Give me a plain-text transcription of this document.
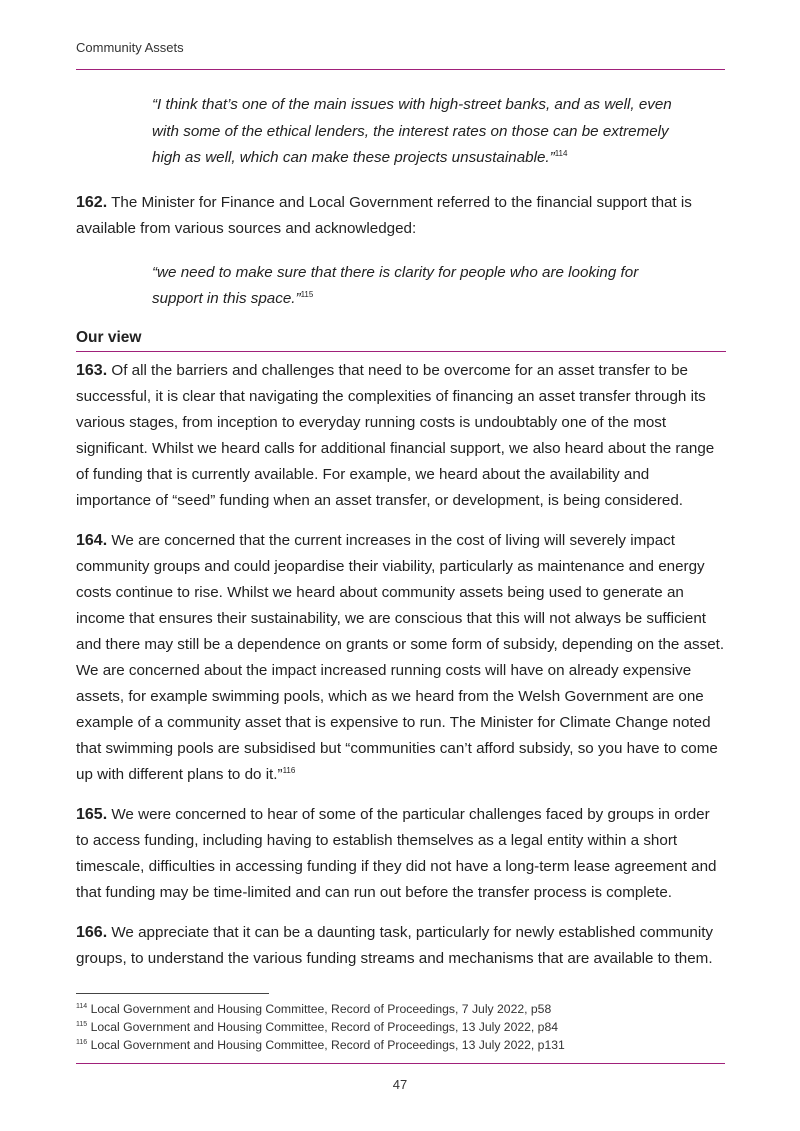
Community Assets

“I think that’s one of the main issues with high-street banks, and as well, even with some of the ethical lenders, the interest rates on those can be extremely high as well, which can make these projects unsustainable.”$^{114}$

162. The Minister for Finance and Local Government referred to the financial support that is available from various sources and acknowledged:

“we need to make sure that there is clarity for people who are looking for support in this space.”$^{115}$

Our view

163. Of all the barriers and challenges that need to be overcome for an asset transfer to be successful, it is clear that navigating the complexities of financing an asset transfer through its various stages, from inception to everyday running costs is undoubtably one of the most significant. Whilst we heard calls for additional financial support, we also heard about the range of funding that is currently available. For example, we heard about the availability and importance of “seed” funding when an asset transfer, or development, is being considered.

164. We are concerned that the current increases in the cost of living will severely impact community groups and could jeopardise their viability, particularly as maintenance and energy costs continue to rise. Whilst we heard about community assets being used to generate an income that ensures their sustainability, we are conscious that this will not always be sufficient and there may still be a dependence on grants or some form of subsidy, depending on the asset. We are concerned about the impact increased running costs will have on already expensive assets, for example swimming pools, which as we heard from the Welsh Government are one example of a community asset that is expensive to run. The Minister for Climate Change noted that swimming pools are subsidised but “communities can’t afford subsidy, so you have to come up with different plans to do it.”$^{116}$

165. We were concerned to hear of some of the particular challenges faced by groups in order to access funding, including having to establish themselves as a legal entity within a short timescale, difficulties in accessing funding if they did not have a long-term lease agreement and that funding may be time-limited and can run out before the transfer process is complete.

166. We appreciate that it can be a daunting task, particularly for newly established community groups, to understand the various funding streams and mechanisms that are available to them.

$^{114}$ Local Government and Housing Committee, Record of Proceedings, 7 July 2022, p58
$^{115}$ Local Government and Housing Committee, Record of Proceedings, 13 July 2022, p84
$^{116}$ Local Government and Housing Committee, Record of Proceedings, 13 July 2022, p131
47
